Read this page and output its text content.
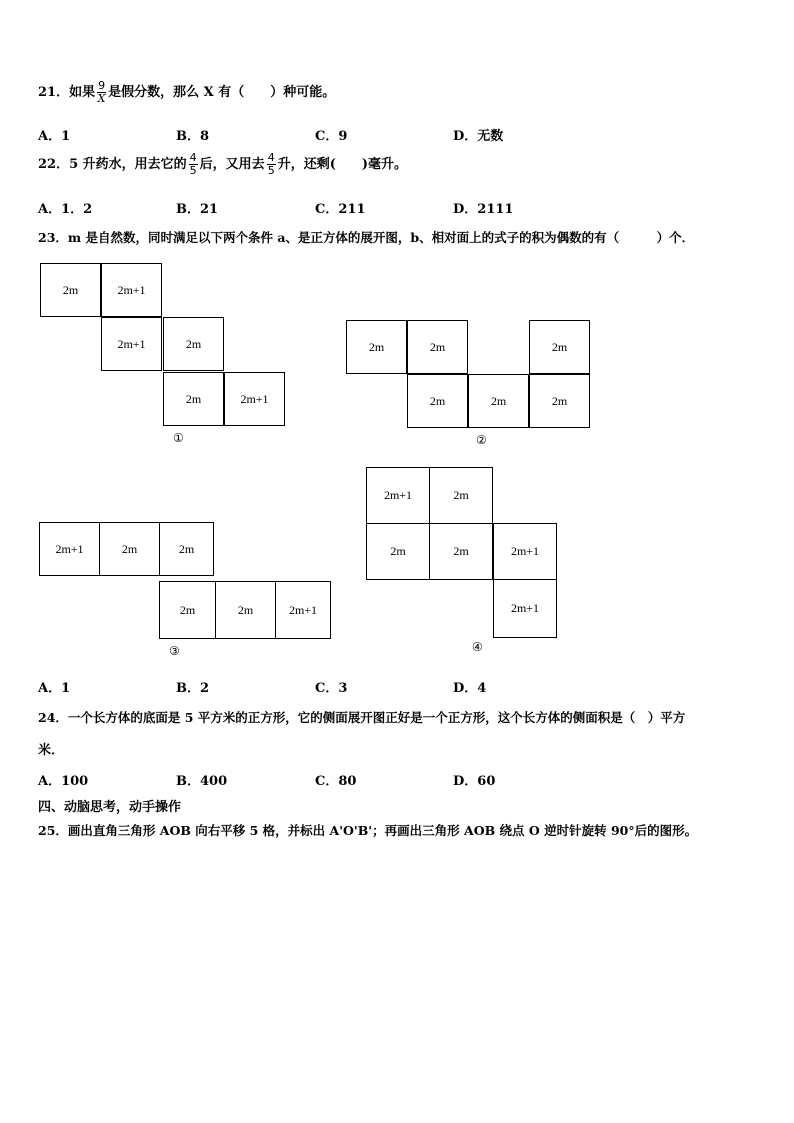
21．如果 $\frac{9}{X}$ 是假分数，那么 X 有（　　）种可能。
A．1	B．8	C．9	D．无数
22．5 升药水，用去它的 $\frac{4}{5}$ 后，又用去 $\frac{4}{5}$ 升，还剩(　　)毫升。
A．1．2	B．21	C．211	D．2111
23．m 是自然数，同时满足以下两个条件 a、是正方体的展开图，b、相对面上的式子的积为偶数的有（　　　）个．
2m	2m+1
2m+1	2m
2m	2m+1
①
2m	2m	2m
2m	2m	2m
②
2m+1	2m	2m
2m	2m	2m+1
③
2m+1	2m
2m	2m	2m+1
2m+1
④
A．1	B．2	C．3	D．4
24．一个长方体的底面是 5 平方米的正方形，它的侧面展开图正好是一个正方形，这个长方体的侧面积是（　）平方
米．
A．100	B．400	C．80	D．60
四、动脑思考，动手操作
25．画出直角三角形 AOB 向右平移 5 格，并标出 A'O'B'；再画出三角形 AOB 绕点 O 逆时针旋转 90°后的图形。
